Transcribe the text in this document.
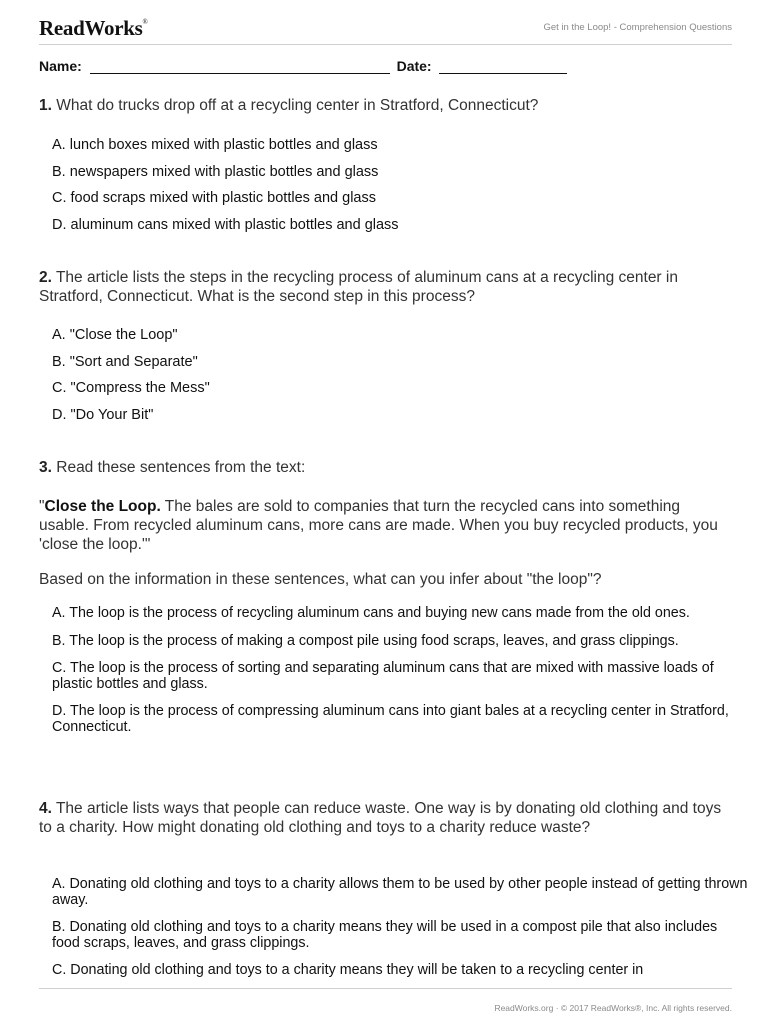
ReadWorks®	Get in the Loop! - Comprehension Questions
Name:	Date:
1. What do trucks drop off at a recycling center in Stratford, Connecticut?
A. lunch boxes mixed with plastic bottles and glass
B. newspapers mixed with plastic bottles and glass
C. food scraps mixed with plastic bottles and glass
D. aluminum cans mixed with plastic bottles and glass
2. The article lists the steps in the recycling process of aluminum cans at a recycling center in Stratford, Connecticut. What is the second step in this process?
A. "Close the Loop"
B. "Sort and Separate"
C. "Compress the Mess"
D. "Do Your Bit"
3. Read these sentences from the text:
"Close the Loop. The bales are sold to companies that turn the recycled cans into something usable. From recycled aluminum cans, more cans are made. When you buy recycled products, you 'close the loop.'"
Based on the information in these sentences, what can you infer about "the loop"?
A. The loop is the process of recycling aluminum cans and buying new cans made from the old ones.
B. The loop is the process of making a compost pile using food scraps, leaves, and grass clippings.
C. The loop is the process of sorting and separating aluminum cans that are mixed with massive loads of plastic bottles and glass.
D. The loop is the process of compressing aluminum cans into giant bales at a recycling center in Stratford, Connecticut.
4. The article lists ways that people can reduce waste. One way is by donating old clothing and toys to a charity. How might donating old clothing and toys to a charity reduce waste?
A. Donating old clothing and toys to a charity allows them to be used by other people instead of getting thrown away.
B. Donating old clothing and toys to a charity means they will be used in a compost pile that also includes food scraps, leaves, and grass clippings.
C. Donating old clothing and toys to a charity means they will be taken to a recycling center in
ReadWorks.org · © 2017 ReadWorks®, Inc. All rights reserved.
